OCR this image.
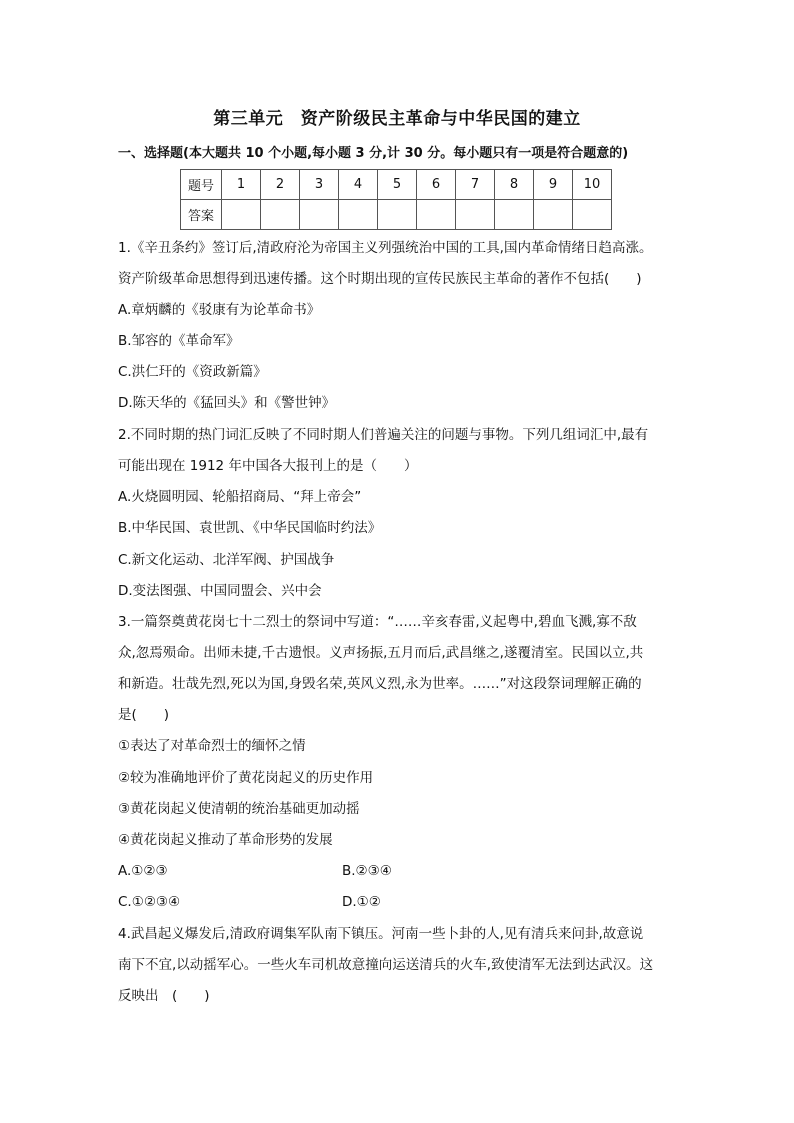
第三单元　资产阶级民主革命与中华民国的建立
一、选择题(本大题共 10 个小题,每小题 3 分,计 30 分。每小题只有一项是符合题意的)
题号	1	2	3	4	5	6	7	8	9	10
答案										
1.《辛丑条约》签订后,清政府沦为帝国主义列强统治中国的工具,国内革命情绪日趋高涨。
资产阶级革命思想得到迅速传播。这个时期出现的宣传民族民主革命的著作不包括(　　)
A.章炳麟的《驳康有为论革命书》
B.邹容的《革命军》
C.洪仁玕的《资政新篇》
D.陈天华的《猛回头》和《警世钟》
2.不同时期的热门词汇反映了不同时期人们普遍关注的问题与事物。下列几组词汇中,最有
可能出现在 1912 年中国各大报刊上的是（　　）
A.火烧圆明园、轮船招商局、“拜上帝会”
B.中华民国、袁世凯、《中华民国临时约法》
C.新文化运动、北洋军阀、护国战争
D.变法图强、中国同盟会、兴中会
3.一篇祭奠黄花岗七十二烈士的祭词中写道：“……辛亥春雷,义起粤中,碧血飞溅,寡不敌
众,忽焉殒命。出师未捷,千古遗恨。义声扬振,五月而后,武昌继之,遂覆清室。民国以立,共
和新造。壮哉先烈,死以为国,身毁名荣,英风义烈,永为世率。……”对这段祭词理解正确的
是(　　)
①表达了对革命烈士的缅怀之情
②较为准确地评价了黄花岗起义的历史作用
③黄花岗起义使清朝的统治基础更加动摇
④黄花岗起义推动了革命形势的发展
A.①②③	B.②③④
C.①②③④	D.①②
4.武昌起义爆发后,清政府调集军队南下镇压。河南一些卜卦的人,见有清兵来问卦,故意说
南下不宜,以动摇军心。一些火车司机故意撞向运送清兵的火车,致使清军无法到达武汉。这
反映出　(　　)
